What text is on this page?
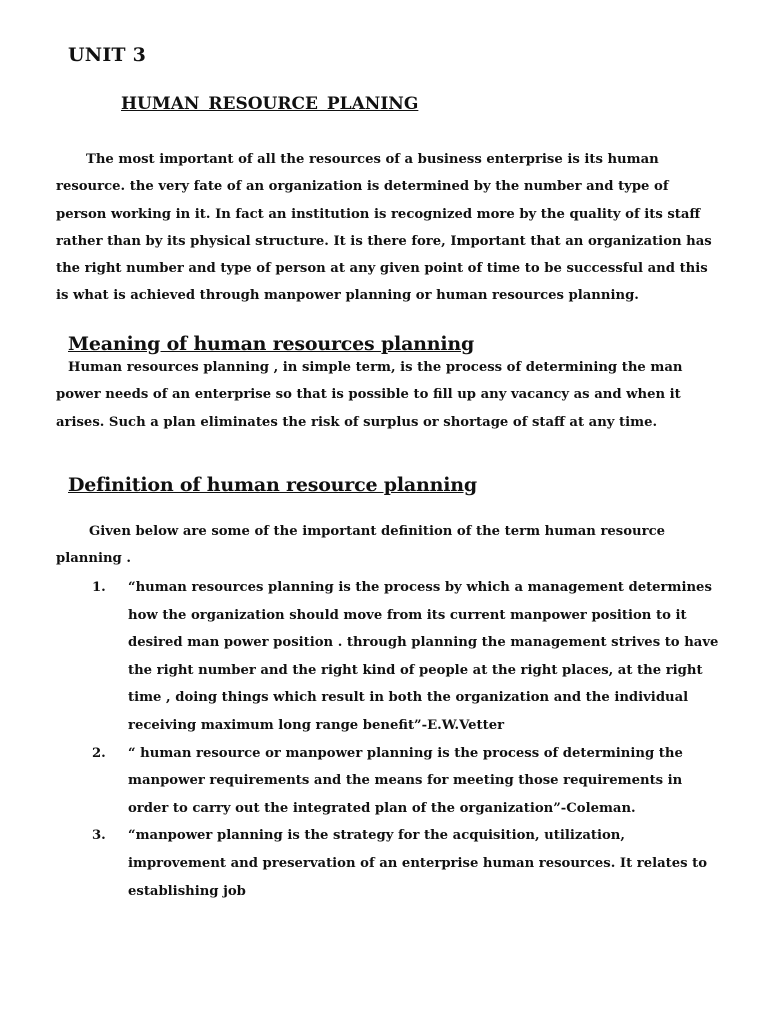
UNIT 3
HUMAN RESOURCE PLANING

The most important of all the resources of a business enterprise is its human resource. the very fate of an organization is determined by the number and type of person working in it. In fact an institution is recognized more by the quality of its staff rather than by its physical structure. It is there fore, Important that an organization has the right number and type of person at any given point of time to be successful and this is what is achieved through manpower planning or human resources planning.

Meaning of human resources planning

Human resources planning , in simple term, is the process of determining the man power needs of an enterprise so that is possible to fill up any vacancy as and when it arises. Such a plan eliminates the risk of surplus or shortage of staff at any time.

Definition of human resource planning

Given below are some of the important definition of the term human resource planning .

1. “human resources planning is the process by which a management determines how the organization should move from its current manpower position to it desired man power position . through planning the management strives to have the right number and the right kind of people at the right places, at the right time , doing things which result in both the organization and the individual receiving maximum long range benefit”-E.W.Vetter
2. “ human resource or manpower planning is the process of determining the manpower requirements and the means for meeting those requirements in order to carry out the integrated plan of the organization”-Coleman.
3. “manpower planning is the strategy for the acquisition, utilization, improvement and preservation of an enterprise human resources. It relates to establishing job
